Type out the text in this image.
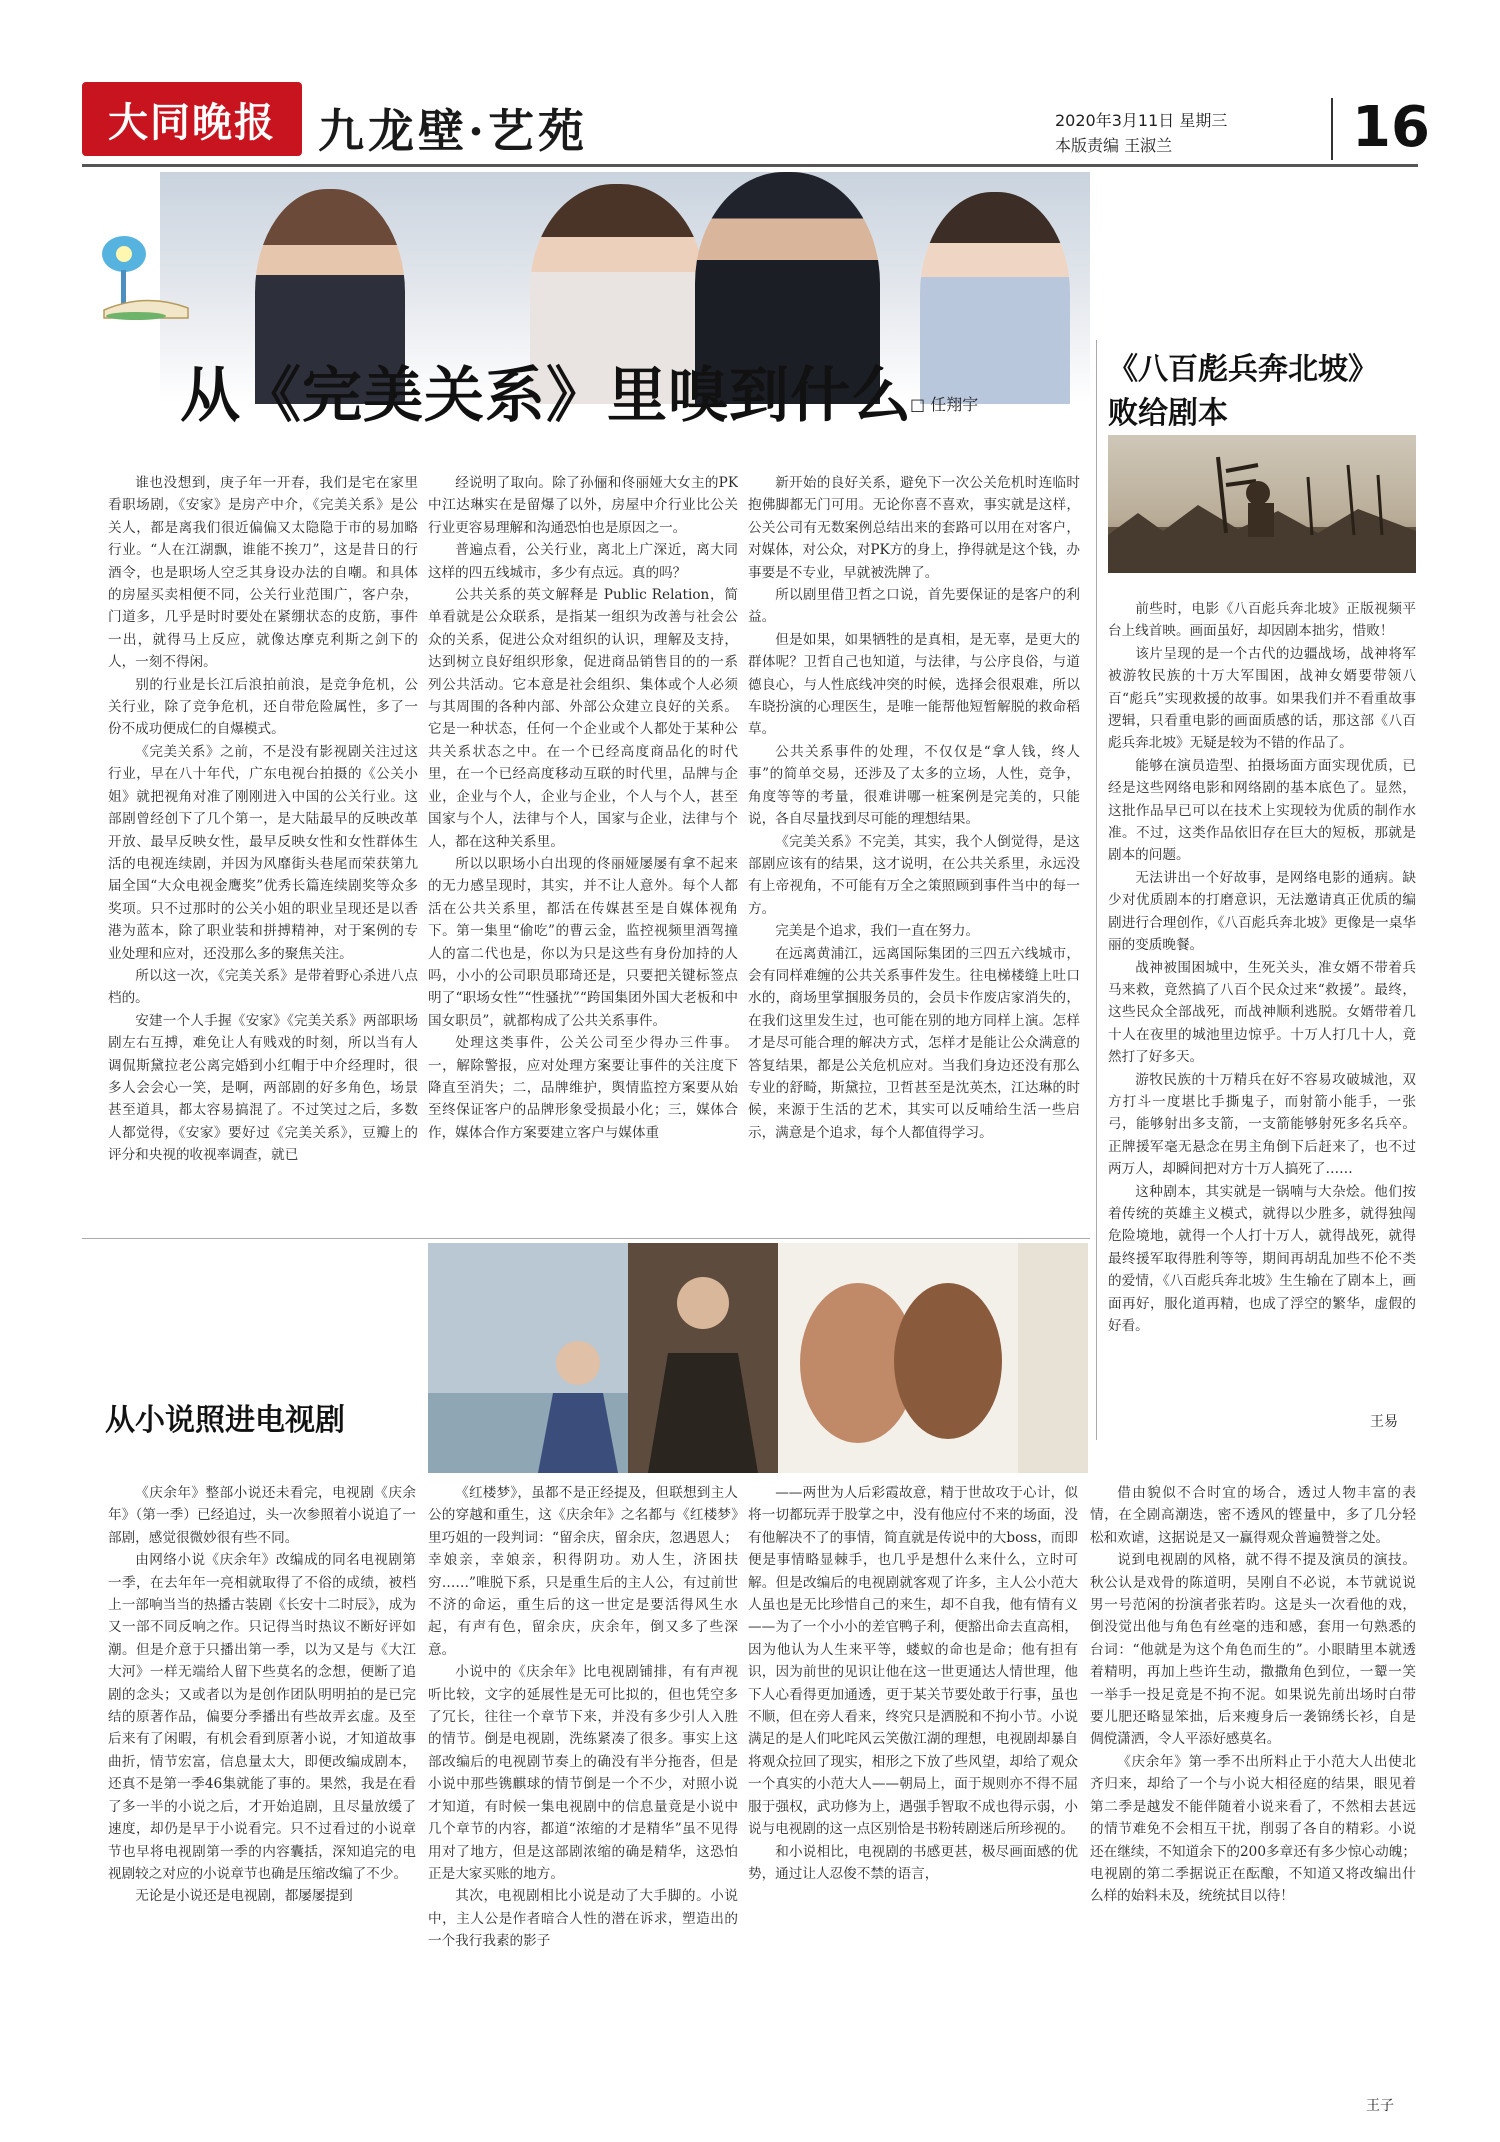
大同晚报 九龙壁·艺苑	2020年3月11日 星期三
本版责编 王淑兰	16
从《完美关系》里嗅到什么
□ 任翔宇

谁也没想到，庚子年一开春，我们是宅在家里看职场剧，《安家》是房产中介，《完美关系》是公关人，都是离我们很近偏偏又太隐隐于市的易加略行业。“人在江湖飘，谁能不挨刀”，这是昔日的行酒令，也是职场人空乏其身设办法的自嘲。和具体的房屋买卖相便不同，公关行业范围广，客户杂，门道多，几乎是时时要处在紧绷状态的皮筋，事件一出，就得马上反应，就像达摩克利斯之剑下的人，一刻不得闲。

别的行业是长江后浪拍前浪，是竞争危机，公关行业，除了竞争危机，还自带危险属性，多了一份不成功便成仁的自爆模式。

《完美关系》之前，不是没有影视剧关注过这行业，早在八十年代，广东电视台拍摄的《公关小姐》就把视角对准了刚刚进入中国的公关行业。这部剧曾经创下了几个第一，是大陆最早的反映改革开放、最早反映女性，最早反映女性和女性群体生活的电视连续剧，并因为风靡街头巷尾而荣获第九届全国“大众电视金鹰奖”优秀长篇连续剧奖等众多奖项。只不过那时的公关小姐的职业呈现还是以香港为蓝本，除了职业装和拼搏精神，对于案例的专业处理和应对，还没那么多的聚焦关注。

所以这一次，《完美关系》是带着野心杀进八点档的。

安建一个人手握《安家》《完美关系》两部职场剧左右互搏，难免让人有贱戏的时刻，所以当有人调侃斯黛拉老公离完婚到小红帽于中介经理时，很多人会会心一笑，是啊，两部剧的好多角色，场景甚至道具，都太容易搞混了。不过笑过之后，多数人都觉得，《安家》要好过《完美关系》，豆瓣上的评分和央视的收视率调查，就已

经说明了取向。除了孙俪和佟丽娅大女主的PK中江达琳实在是留爆了以外，房屋中介行业比公关行业更容易理解和沟通恐怕也是原因之一。

普遍点看，公关行业，离北上广深近，离大同这样的四五线城市，多少有点远。真的吗？

公共关系的英文解释是 Public Relation，简单看就是公众联系，是指某一组织为改善与社会公众的关系，促进公众对组织的认识，理解及支持，达到树立良好组织形象，促进商品销售目的的一系列公共活动。它本意是社会组织、集体或个人必须与其周围的各种内部、外部公众建立良好的关系。它是一种状态，任何一个企业或个人都处于某种公共关系状态之中。在一个已经高度商品化的时代里，在一个已经高度移动互联的时代里，品牌与企业，企业与个人，企业与企业，个人与个人，甚至国家与个人，法律与个人，国家与企业，法律与个人，都在这种关系里。

所以以职场小白出现的佟丽娅屡屡有拿不起来的无力感呈现时，其实，并不让人意外。每个人都活在公共关系里，都活在传媒甚至是自媒体视角下。第一集里“偷吃”的曹云金，监控视频里酒驾撞人的富二代也是，你以为只是这些有身份加持的人吗，小小的公司职员耶琦还是，只要把关键标签点明了“职场女性”“性骚扰”“跨国集团外国大老板和中国女职员”，就都构成了公共关系事件。

处理这类事件，公关公司至少得办三件事。一，解除警报，应对处理方案要让事件的关注度下降直至消失；二，品牌维护，舆情监控方案要从始至终保证客户的品牌形象受损最小化；三，媒体合作，媒体合作方案要建立客户与媒体重

新开始的良好关系，避免下一次公关危机时连临时抱佛脚都无门可用。无论你喜不喜欢，事实就是这样，公关公司有无数案例总结出来的套路可以用在对客户，对媒体，对公众，对PK方的身上，挣得就是这个钱，办事要是不专业，早就被洗牌了。

所以剧里借卫哲之口说，首先要保证的是客户的利益。

但是如果，如果牺牲的是真相，是无辜，是更大的群体呢？卫哲自己也知道，与法律，与公序良俗，与道德良心，与人性底线冲突的时候，选择会很艰难，所以车晓扮演的心理医生，是唯一能帮他短暂解脱的救命稻草。

公共关系事件的处理，不仅仅是“拿人钱，终人事”的简单交易，还涉及了太多的立场，人性，竞争，角度等等的考量，很难讲哪一桩案例是完美的，只能说，各自尽量找到尽可能的理想结果。

《完美关系》不完美，其实，我个人倒觉得，是这部剧应该有的结果，这才说明，在公共关系里，永远没有上帝视角，不可能有万全之策照顾到事件当中的每一方。

完美是个追求，我们一直在努力。

在远离黄浦江，远离国际集团的三四五六线城市，会有同样难缠的公共关系事件发生。往电梯楼缝上吐口水的，商场里掌掴服务员的，会员卡作废店家消失的，在我们这里发生过，也可能在别的地方同样上演。怎样才是尽可能合理的解决方式，怎样才是能让公众满意的答复结果，都是公关危机应对。当我们身边还没有那么专业的舒畸，斯黛拉，卫哲甚至是沈英杰，江达琳的时候，来源于生活的艺术，其实可以反哺给生活一些启示，满意是个追求，每个人都值得学习。

《八百彪兵奔北坡》
败给剧本

前些时，电影《八百彪兵奔北坡》正版视频平台上线首映。画面虽好，却因剧本拙劣，惜败！

该片呈现的是一个古代的边疆战场，战神将军被游牧民族的十万大军围困，战神女婿要带领八百“彪兵”实现救援的故事。如果我们并不看重故事逻辑，只看重电影的画面质感的话，那这部《八百彪兵奔北坡》无疑是较为不错的作品了。

能够在演员造型、拍摄场面方面实现优质，已经是这些网络电影和网络剧的基本底色了。显然，这批作品早已可以在技术上实现较为优质的制作水准。不过，这类作品依旧存在巨大的短板，那就是剧本的问题。

无法讲出一个好故事，是网络电影的通病。缺少对优质剧本的打磨意识，无法邀请真正优质的编剧进行合理创作，《八百彪兵奔北坡》更像是一桌华丽的变质晚餐。

战神被围困城中，生死关头，准女婿不带着兵马来救，竟然搞了八百个民众过来“救援”。最终，这些民众全部战死，而战神顺利逃脱。女婿带着几十人在夜里的城池里边惊乎。十万人打几十人，竟然打了好多天。

游牧民族的十万精兵在好不容易攻破城池，双方打斗一度堪比手撕鬼子，而射箭小能手，一张弓，能够射出多支箭，一支箭能够射死多名兵卒。正牌援军毫无悬念在男主角倒下后赶来了，也不过两万人，却瞬间把对方十万人搞死了……

这种剧本，其实就是一锅喃与大杂烩。他们按着传统的英雄主义模式，就得以少胜多，就得独闯危险境地，就得一个人打十万人，就得战死，就得最终援军取得胜利等等，期间再胡乱加些不伦不类的爱情，《八百彪兵奔北坡》生生输在了剧本上，画面再好，服化道再精，也成了浮空的繁华，虚假的好看。

王易
从小说照进电视剧

《庆余年》整部小说还未看完，电视剧《庆余年》（第一季）已经追过，头一次参照着小说追了一部剧，感觉很微妙很有些不同。

由网络小说《庆余年》改编成的同名电视剧第一季，在去年年一亮相就取得了不俗的成绩，被档上一部响当当的热播古装剧《长安十二时辰》，成为又一部不同反响之作。只记得当时热议不断好评如潮。但是介意于只播出第一季，以为又是与《大江大河》一样无端给人留下些莫名的念想，便断了追剧的念头；又或者以为是创作团队明明拍的是已完结的原著作品，偏要分季播出有些故弄玄虚。及至后来有了闲暇，有机会看到原著小说，才知道故事曲折，情节宏富，信息量太大，即便改编成剧本，还真不是第一季46集就能了事的。果然，我是在看了多一半的小说之后，才开始追剧，且尽量放缓了速度，却仍是早于小说看完。只不过看过的小说章节也早将电视剧第一季的内容囊括，深知追完的电视剧较之对应的小说章节也确是压缩改编了不少。

无论是小说还是电视剧，都屡屡提到

《红楼梦》，虽都不是正经提及，但联想到主人公的穿越和重生，这《庆余年》之名都与《红楼梦》里巧姐的一段判词：“留余庆，留余庆，忽遇恩人；幸娘亲，幸娘亲，积得阴功。劝人生，济困扶穷……”唯脱下系，只是重生后的主人公，有过前世不济的命运，重生后的这一世定是要活得风生水起，有声有色，留余庆，庆余年，倒又多了些深意。

小说中的《庆余年》比电视剧铺排，有有声视听比较，文字的延展性是无可比拟的，但也凭空多了冗长，往往一个章节下来，并没有多少引人入胜的情节。倒是电视剧，洗练紧凑了很多。事实上这部改编后的电视剧节奏上的确没有半分拖沓，但是小说中那些镌麒球的情节倒是一个不少，对照小说才知道，有时候一集电视剧中的信息量竟是小说中几个章节的内容，都道“浓缩的才是精华”虽不见得用对了地方，但是这部剧浓缩的确是精华，这恐怕正是大家买账的地方。

其次，电视剧相比小说是动了大手脚的。小说中，主人公是作者暗合人性的潜在诉求，塑造出的一个我行我素的影子

——两世为人后彩霞故意，精于世故攻于心计，似将一切都玩弄于股掌之中，没有他应付不来的场面，没有他解决不了的事情，简直就是传说中的大boss，而即便是事情略显棘手，也几乎是想什么来什么，立时可解。但是改编后的电视剧就客观了许多，主人公小范大人虽也是无比珍惜自己的来生，却不自我，他有情有义——为了一个小小的差官鸭子利，便豁出命去直高相，因为他认为人生来平等，蝼蚁的命也是命；他有担有识，因为前世的见识让他在这一世更通达人情世理，他下人心看得更加通透，更于某关节要处敢于行事，虽也不顺，但在旁人看来，终究只是洒脱和不拘小节。小说满足的是人们叱咤风云笑傲江湖的理想，电视剧却暴自将观众拉回了现实，相形之下放了些风望，却给了观众一个真实的小范大人——朝局上，面于规则亦不得不屈服于强权，武功修为上，遇强手智取不成也得示弱，小说与电视剧的这一点区别恰是书粉转剧迷后所珍视的。

和小说相比，电视剧的书感更甚，极尽画面感的优势，通过让人忍俊不禁的语言，

借由貌似不合时宜的场合，透过人物丰富的表情，在全剧高潮迭，密不透风的铿量中，多了几分轻松和欢谑，这据说是又一赢得观众普遍赞誉之处。

说到电视剧的风格，就不得不提及演员的演技。秋公认是戏骨的陈道明，吴刚自不必说，本节就说说男一号范闲的扮演者张若昀。这是头一次看他的戏，倒没觉出他与角色有丝毫的违和感，套用一句熟悉的台词：“他就是为这个角色而生的”。小眼睛里本就透着精明，再加上些许生动，撒撒角色到位，一颦一笑一举手一投足竟是不拘不泥。如果说先前出场时白带要儿肥还略显笨拙，后来瘦身后一袭锦绣长衫，自是倜傥潇洒，令人平添好感莫名。

《庆余年》第一季不出所料止于小范大人出使北齐归来，却给了一个与小说大相径庭的结果，眼见着第二季是越发不能伴随着小说来看了，不然相去甚远的情节难免不会相互干扰，削弱了各自的精彩。小说还在继续，不知道余下的200多章还有多少惊心动魄；电视剧的第二季据说正在酝酿，不知道又将改编出什么样的始料未及，统统拭目以待！

王子
